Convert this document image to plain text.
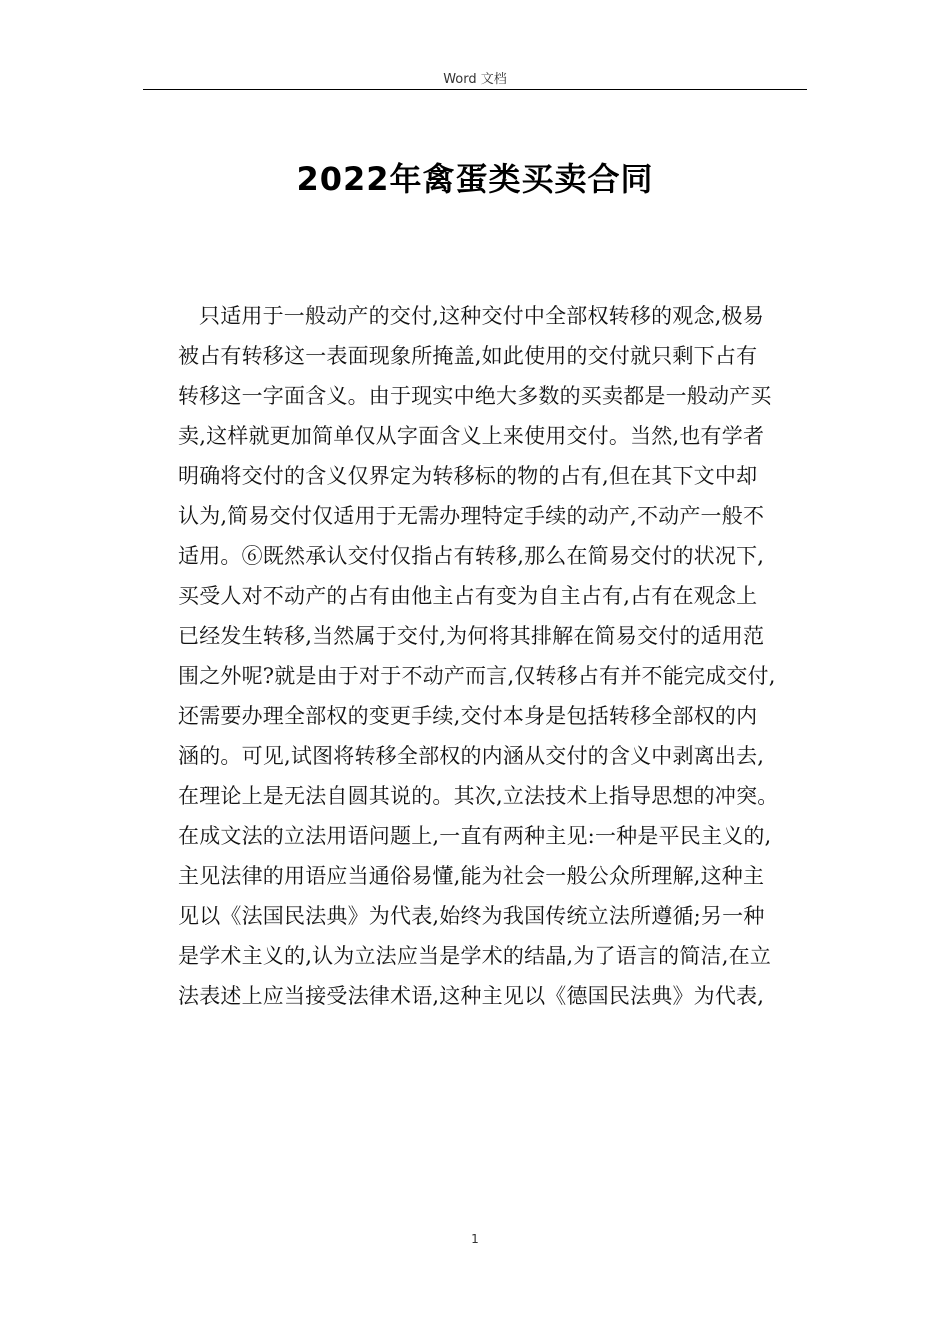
Word 文档
2022年禽蛋类买卖合同
只适用于一般动产的交付,这种交付中全部权转移的观念,极易
被占有转移这一表面现象所掩盖,如此使用的交付就只剩下占有
转移这一字面含义。由于现实中绝大多数的买卖都是一般动产买
卖,这样就更加简单仅从字面含义上来使用交付。当然,也有学者
明确将交付的含义仅界定为转移标的物的占有,但在其下文中却
认为,简易交付仅适用于无需办理特定手续的动产,不动产一般不
适用。⑥既然承认交付仅指占有转移,那么在简易交付的状况下,
买受人对不动产的占有由他主占有变为自主占有,占有在观念上
已经发生转移,当然属于交付,为何将其排解在简易交付的适用范
围之外呢?就是由于对于不动产而言,仅转移占有并不能完成交付,
还需要办理全部权的变更手续,交付本身是包括转移全部权的内
涵的。可见,试图将转移全部权的内涵从交付的含义中剥离出去,
在理论上是无法自圆其说的。其次,立法技术上指导思想的冲突。
在成文法的立法用语问题上,一直有两种主见:一种是平民主义的,
主见法律的用语应当通俗易懂,能为社会一般公众所理解,这种主
见以《法国民法典》为代表,始终为我国传统立法所遵循;另一种
是学术主义的,认为立法应当是学术的结晶,为了语言的简洁,在立
法表述上应当接受法律术语,这种主见以《德国民法典》为代表,
1
